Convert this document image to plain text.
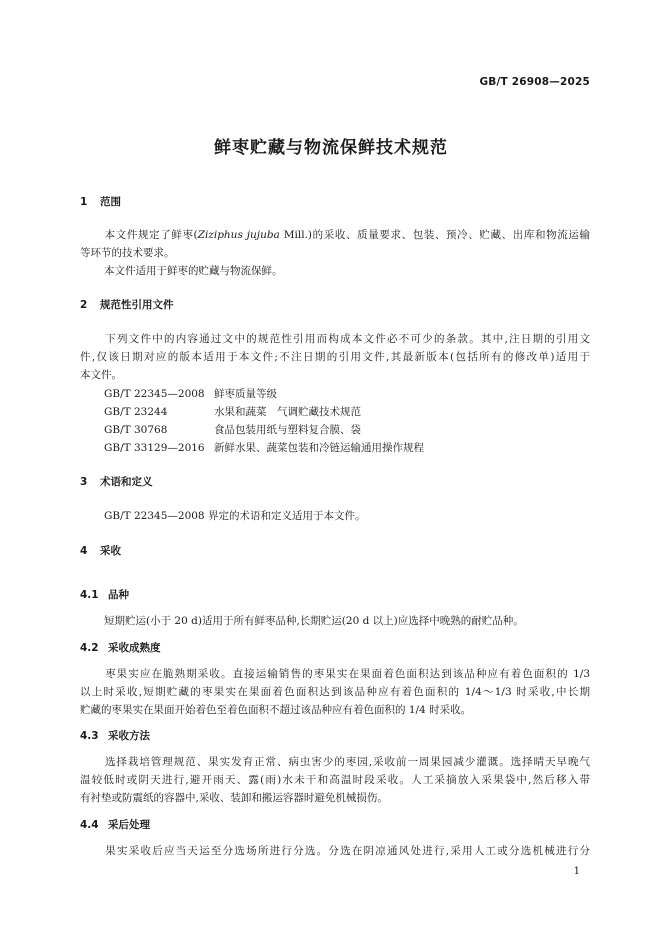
GB/T 26908—2025
鲜枣贮藏与物流保鲜技术规范
1 范围
本文件规定了鲜枣(Ziziphus jujuba Mill.)的采收、质量要求、包装、预冷、贮藏、出库和物流运输
等环节的技术要求。
本文件适用于鲜枣的贮藏与物流保鲜。
2 规范性引用文件
下列文件中的内容通过文中的规范性引用而构成本文件必不可少的条款。其中,注日期的引用文
件,仅该日期对应的版本适用于本文件;不注日期的引用文件,其最新版本(包括所有的修改单)适用于
本文件。
GB/T 22345—2008 鲜枣质量等级
GB/T 23244	水果和蔬菜　气调贮藏技术规范
GB/T 30768	食品包装用纸与塑料复合膜、袋
GB/T 33129—2016 新鲜水果、蔬菜包装和冷链运输通用操作规程
3 术语和定义
GB/T 22345—2008 界定的术语和定义适用于本文件。
4 采收
4.1 品种
短期贮运(小于 20 d)适用于所有鲜枣品种,长期贮运(20 d 以上)应选择中晚熟的耐贮品种。
4.2 采收成熟度
枣果实应在脆熟期采收。直接运输销售的枣果实在果面着色面积达到该品种应有着色面积的 1/3
以上时采收,短期贮藏的枣果实在果面着色面积达到该品种应有着色面积的 1/4～1/3 时采收,中长期
贮藏的枣果实在果面开始着色至着色面积不超过该品种应有着色面积的 1/4 时采收。
4.3 采收方法
选择栽培管理规范、果实发育正常、病虫害少的枣园,采收前一周果园减少灌溉。选择晴天早晚气
温较低时或阴天进行,避开雨天、露(雨)水未干和高温时段采收。人工采摘放入采果袋中,然后移入带
有衬垫或防震纸的容器中,采收、装卸和搬运容器时避免机械损伤。
4.4 采后处理
果实采收后应当天运至分选场所进行分选。分选在阴凉通风处进行,采用人工或分选机械进行分
1
